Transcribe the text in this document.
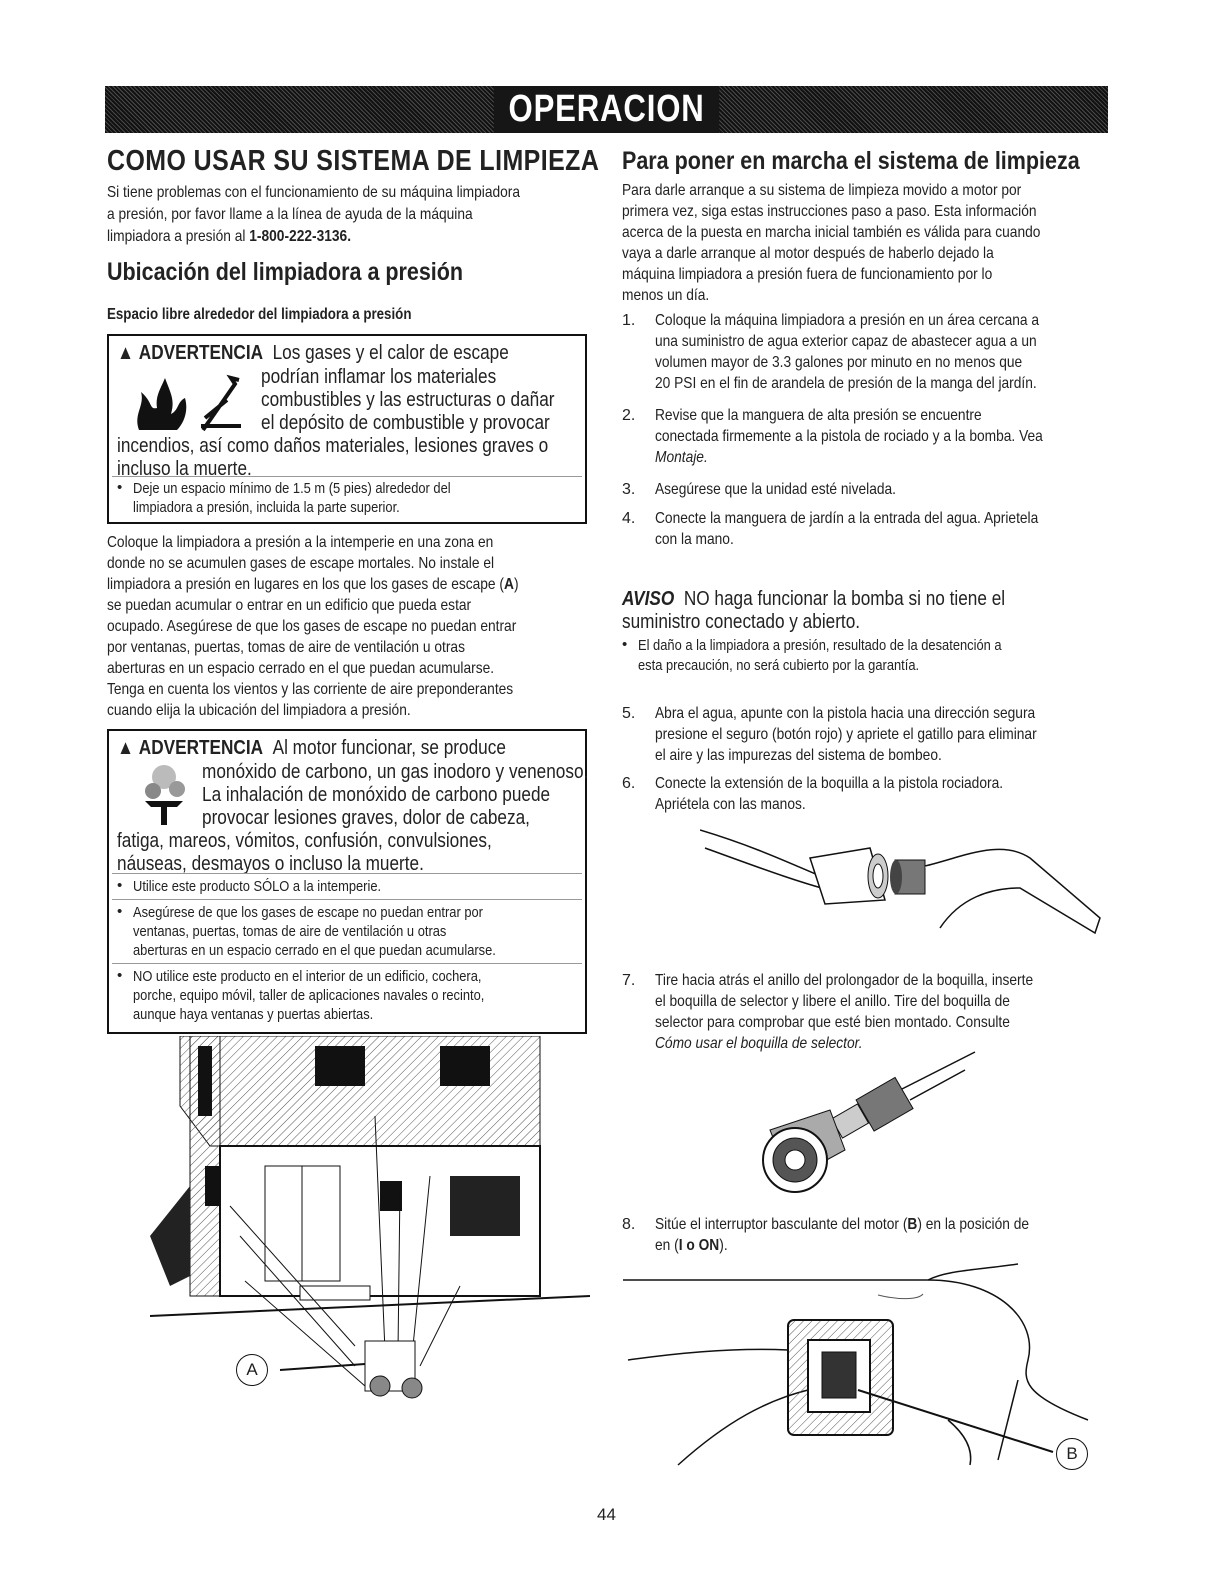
OPERACION
COMO USAR SU SISTEMA DE LIMPIEZA
Si tiene problemas con el funcionamiento de su máquina limpiadora
a presión, por favor llame a la línea de ayuda de la máquina
limpiadora a presión al 1-800-222-3136.
Ubicación del limpiadora a presión
Espacio libre alrededor del limpiadora a presión
▲ ADVERTENCIA Los gases y el calor de escape
podrían inflamar los materiales
combustibles y las estructuras o dañar
el depósito de combustible y provocar
incendios, así como daños materiales, lesiones graves o
incluso la muerte.
• Deje un espacio mínimo de 1.5 m (5 pies) alrededor del
limpiadora a presión, incluida la parte superior.
Coloque la limpiadora a presión a la intemperie en una zona en
donde no se acumulen gases de escape mortales. No instale el
limpiadora a presión en lugares en los que los gases de escape (A)
se puedan acumular o entrar en un edificio que pueda estar
ocupado. Asegúrese de que los gases de escape no puedan entrar
por ventanas, puertas, tomas de aire de ventilación u otras
aberturas en un espacio cerrado en el que puedan acumularse.
Tenga en cuenta los vientos y las corriente de aire preponderantes
cuando elija la ubicación del limpiadora a presión.
▲ ADVERTENCIA Al motor funcionar, se produce
monóxido de carbono, un gas inodoro y venenoso.
La inhalación de monóxido de carbono puede
provocar lesiones graves, dolor de cabeza,
fatiga, mareos, vómitos, confusión, convulsiones,
náuseas, desmayos o incluso la muerte.
• Utilice este producto SÓLO a la intemperie.
• Asegúrese de que los gases de escape no puedan entrar por
ventanas, puertas, tomas de aire de ventilación u otras
aberturas en un espacio cerrado en el que puedan acumularse.
• NO utilice este producto en el interior de un edificio, cochera,
porche, equipo móvil, taller de aplicaciones navales o recinto,
aunque haya ventanas y puertas abiertas.
A
Para poner en marcha el sistema de limpieza
Para darle arranque a su sistema de limpieza movido a motor por
primera vez, siga estas instrucciones paso a paso. Esta información
acerca de la puesta en marcha inicial también es válida para cuando
vaya a darle arranque al motor después de haberlo dejado la
máquina limpiadora a presión fuera de funcionamiento por lo
menos un día.
1. Coloque la máquina limpiadora a presión en un área cercana a
una suministro de agua exterior capaz de abastecer agua a un
volumen mayor de 3.3 galones por minuto en no menos que
20 PSI en el fin de arandela de presión de la manga del jardín.
2. Revise que la manguera de alta presión se encuentre
conectada firmemente a la pistola de rociado y a la bomba. Vea
Montaje.
3. Asegúrese que la unidad esté nivelada.
4. Conecte la manguera de jardín a la entrada del agua. Aprietela
con la mano.
AVISO NO haga funcionar la bomba si no tiene el
suministro conectado y abierto.
• El daño a la limpiadora a presión, resultado de la desatención a
esta precaución, no será cubierto por la garantía.
5. Abra el agua, apunte con la pistola hacia una dirección segura
presione el seguro (botón rojo) y apriete el gatillo para eliminar
el aire y las impurezas del sistema de bombeo.
6. Conecte la extensión de la boquilla a la pistola rociadora.
Apriételа con las manos.
7. Tire hacia atrás el anillo del prolongador de la boquilla, inserte
el boquilla de selector y libere el anillo. Tire del boquilla de
selector para comprobar que esté bien montado. Consulte
Cómo usar el boquilla de selector.
8. Sitúe el interruptor basculante del motor (B) en la posición de
en (I o ON).
B
44
